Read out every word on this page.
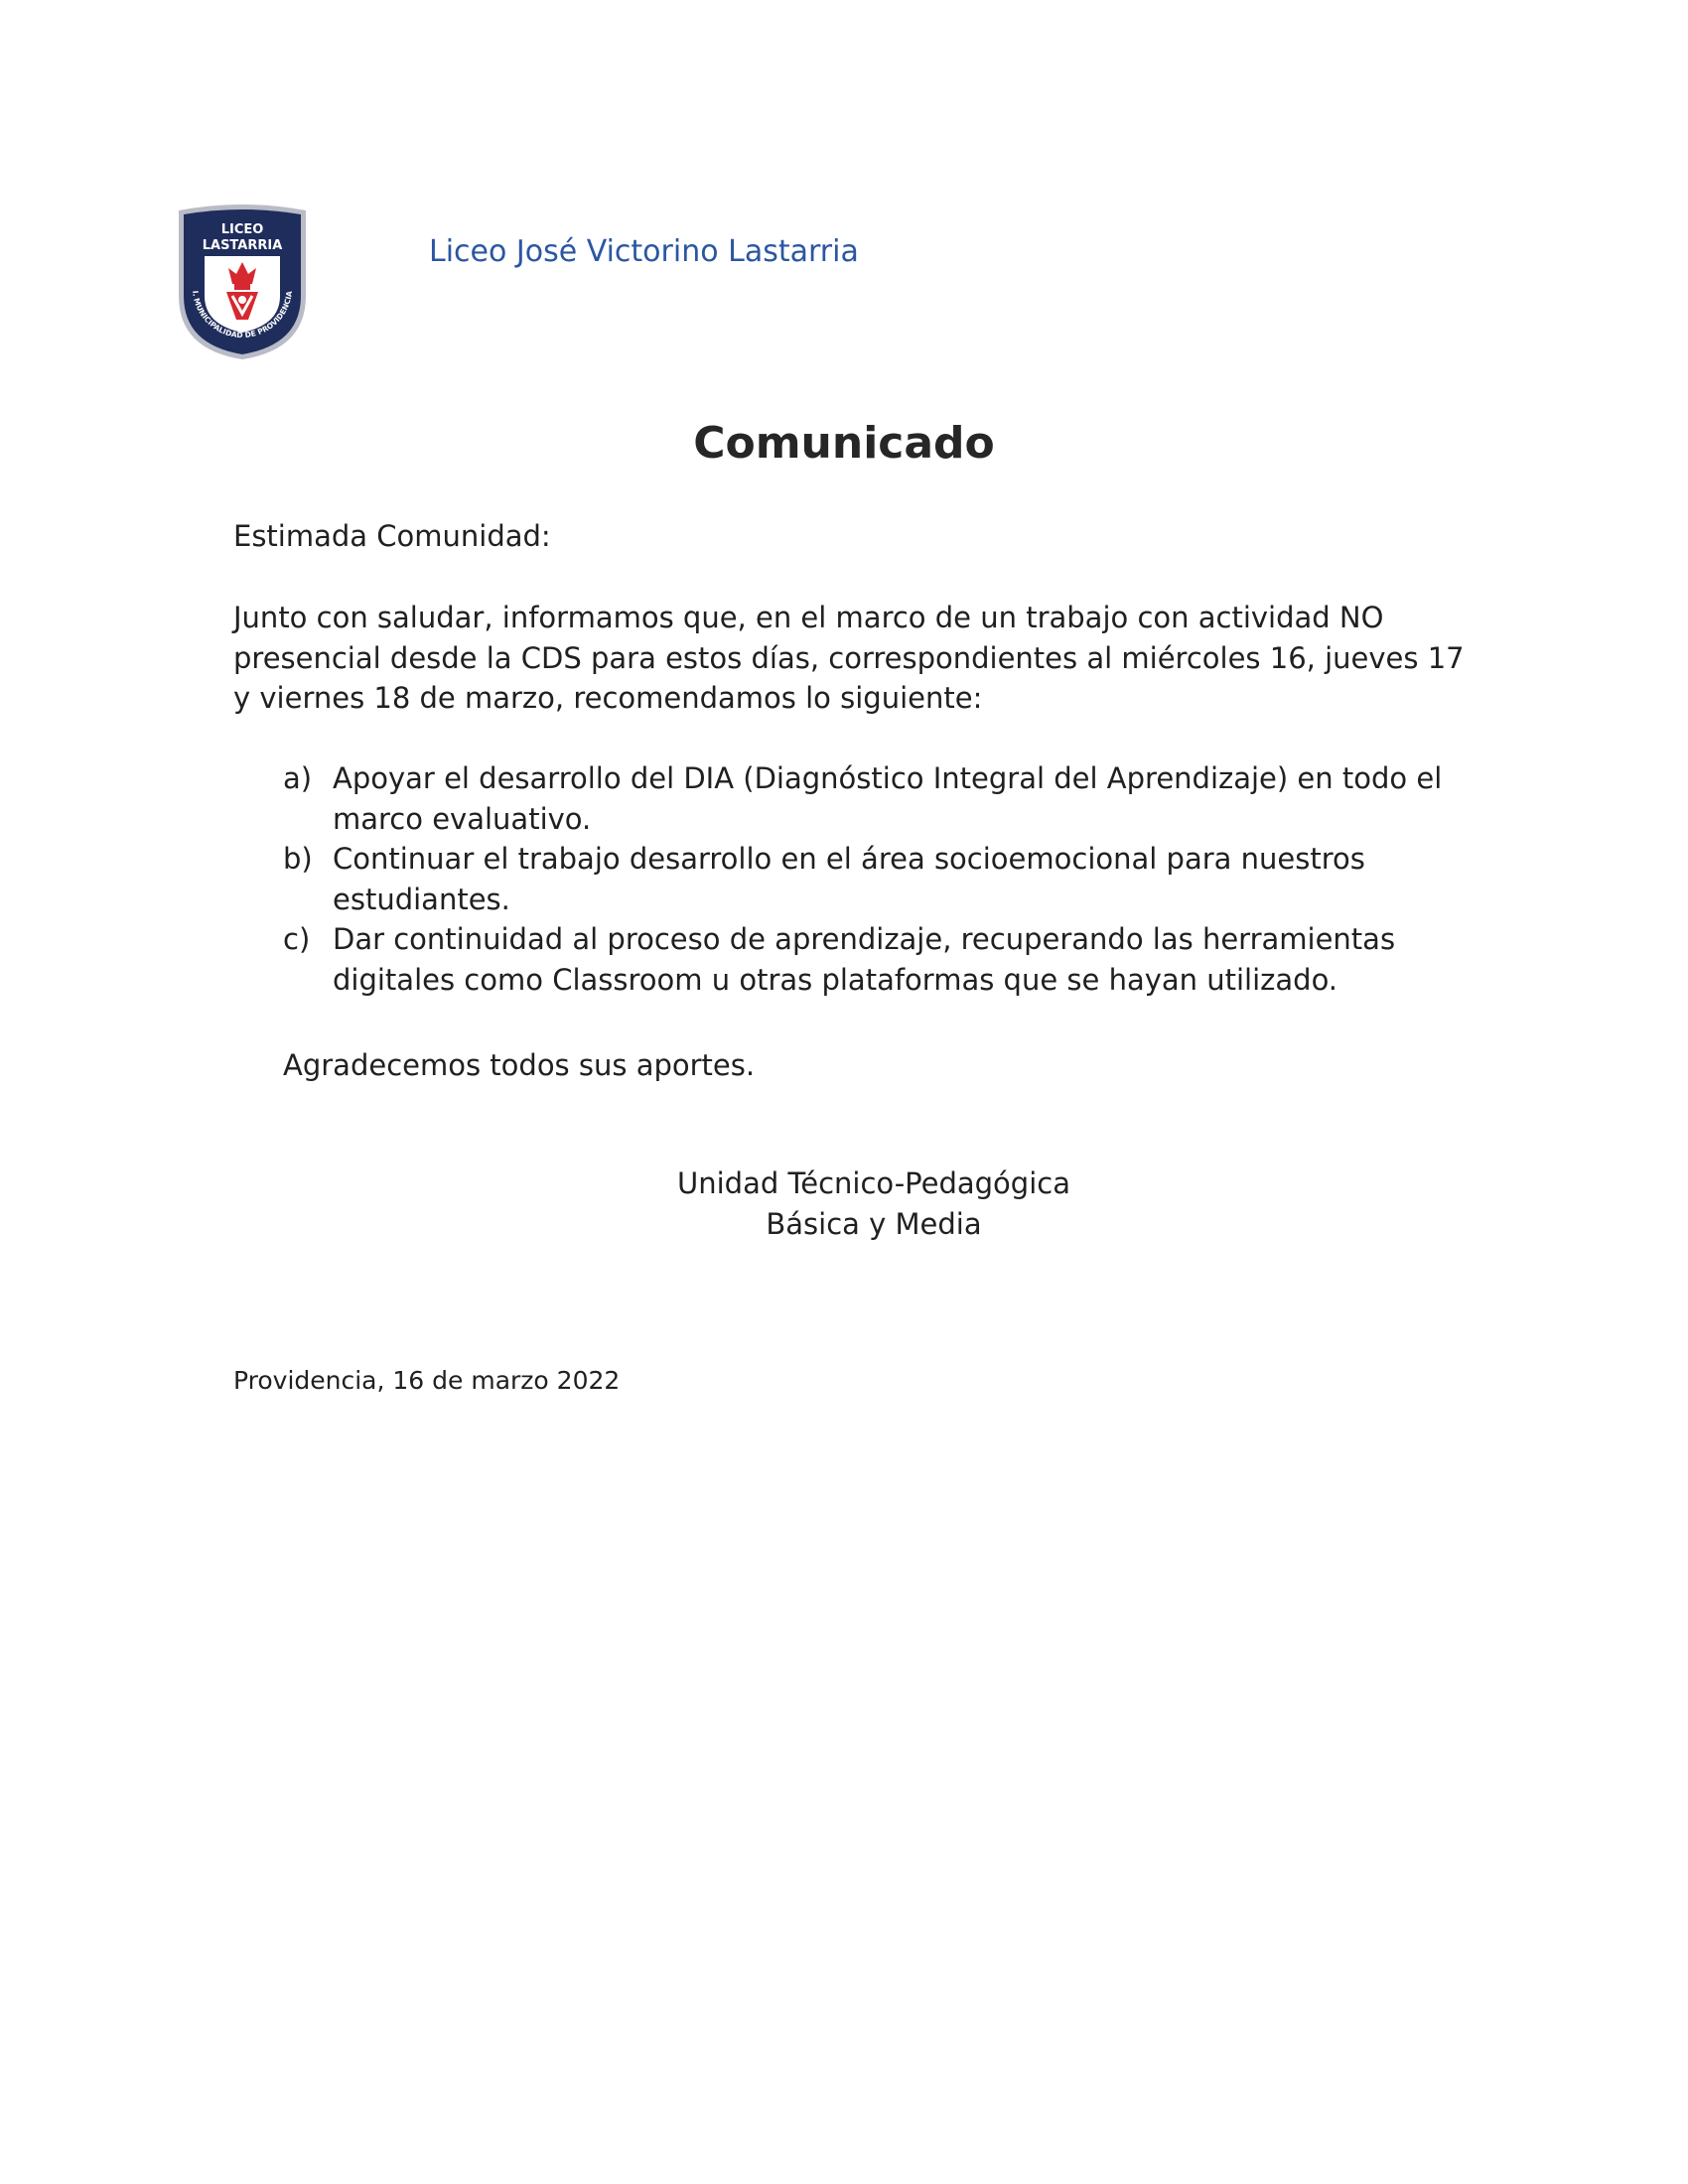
LICEO
LASTARRIA
I. MUNICIPALIDAD DE PROVIDENCIA
Liceo José Victorino Lastarria
Comunicado
Estimada Comunidad:
Junto con saludar, informamos que, en el marco de un trabajo con actividad NO presencial desde la CDS para estos días, correspondientes al miércoles 16, jueves 17 y viernes 18 de marzo, recomendamos lo siguiente:
a) Apoyar el desarrollo del DIA (Diagnóstico Integral del Aprendizaje) en todo el marco evaluativo.
b) Continuar el trabajo desarrollo en el área socioemocional para nuestros estudiantes.
c) Dar continuidad al proceso de aprendizaje, recuperando las herramientas digitales como Classroom u otras plataformas que se hayan utilizado.
Agradecemos todos sus aportes.
Unidad Técnico-Pedagógica
Básica y Media
Providencia, 16 de marzo 2022
